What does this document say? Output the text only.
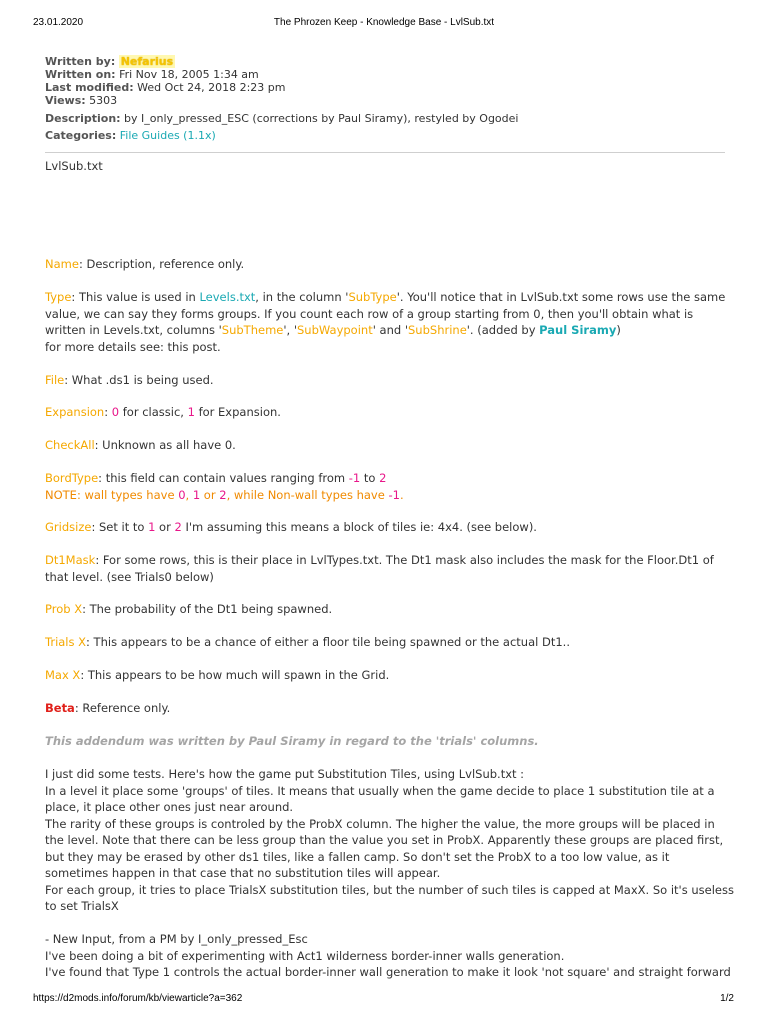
23.01.2020	The Phrozen Keep - Knowledge Base - LvlSub.txt
https://d2mods.info/forum/kb/viewarticle?a=362	1/2
Written by: Nefarius
Written on: Fri Nov 18, 2005 1:34 am
Last modified: Wed Oct 24, 2018 2:23 pm
Views: 5303
Description: by I_only_pressed_ESC (corrections by Paul Siramy), restyled by Ogodei
Categories: File Guides (1.1x)

LvlSub.txt

Name: Description, reference only.

Type: This value is used in Levels.txt, in the column 'SubType'. You'll notice that in LvlSub.txt some rows use the same value, we can say they forms groups. If you count each row of a group starting from 0, then you'll obtain what is written in Levels.txt, columns 'SubTheme', 'SubWaypoint' and 'SubShrine'. (added by Paul Siramy)
for more details see: this post.

File: What .ds1 is being used.

Expansion: 0 for classic, 1 for Expansion.

CheckAll: Unknown as all have 0.

BordType: this field can contain values ranging from -1 to 2
NOTE: wall types have 0, 1 or 2, while Non-wall types have -1.

Gridsize: Set it to 1 or 2 I'm assuming this means a block of tiles ie: 4x4. (see below).

Dt1Mask: For some rows, this is their place in LvlTypes.txt. The Dt1 mask also includes the mask for the Floor.Dt1 of that level. (see Trials0 below)

Prob X: The probability of the Dt1 being spawned.

Trials X: This appears to be a chance of either a floor tile being spawned or the actual Dt1..

Max X: This appears to be how much will spawn in the Grid.

Beta: Reference only.

This addendum was written by Paul Siramy in regard to the 'trials' columns.

I just did some tests. Here's how the game put Substitution Tiles, using LvlSub.txt :
In a level it place some 'groups' of tiles. It means that usually when the game decide to place 1 substitution tile at a place, it place other ones just near around.
The rarity of these groups is controled by the ProbX column. The higher the value, the more groups will be placed in the level. Note that there can be less group than the value you set in ProbX. Apparently these groups are placed first, but they may be erased by other ds1 tiles, like a fallen camp. So don't set the ProbX to a too low value, as it sometimes happen in that case that no substitution tiles will appear.
For each group, it tries to place TrialsX substitution tiles, but the number of such tiles is capped at MaxX. So it's useless to set TrialsX
- New Input, from a PM by I_only_pressed_Esc
I've been doing a bit of experimenting with Act1 wilderness border-inner walls generation.
I've found that Type 1 controls the actual border-inner wall generation to make it look 'not square' and straight forward
